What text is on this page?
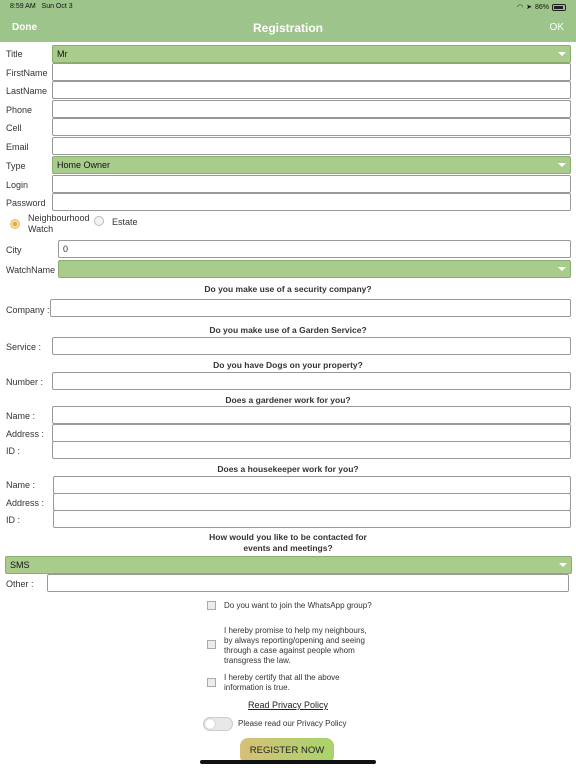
8:59 AM Sun Oct 3	◠ ➤ 86%
Done	Registration	OK
Title	Mr
FirstName
LastName
Phone
Cell
Email
Type	Home Owner
Login
Password
Neighbourhood Watch
Estate
City	0
WatchName
Do you make use of a security company?
Company :
Do you make use of a Garden Service?
Service :
Do you have Dogs on your property?
Number :
Does a gardener work for you?
Name :
Address :
ID :
Does a housekeeper work for you?
Name :
Address :
ID :
How would you like to be contacted for
events and meetings?
SMS
Other :
Do you want to join the WhatsApp group?
I hereby promise to help my neighbours, by always reporting/opening and seeing through a case against people whom transgress the law.
I hereby certify that all the above information is true.
Read Privacy Policy
Please read our Privacy Policy
REGISTER NOW
